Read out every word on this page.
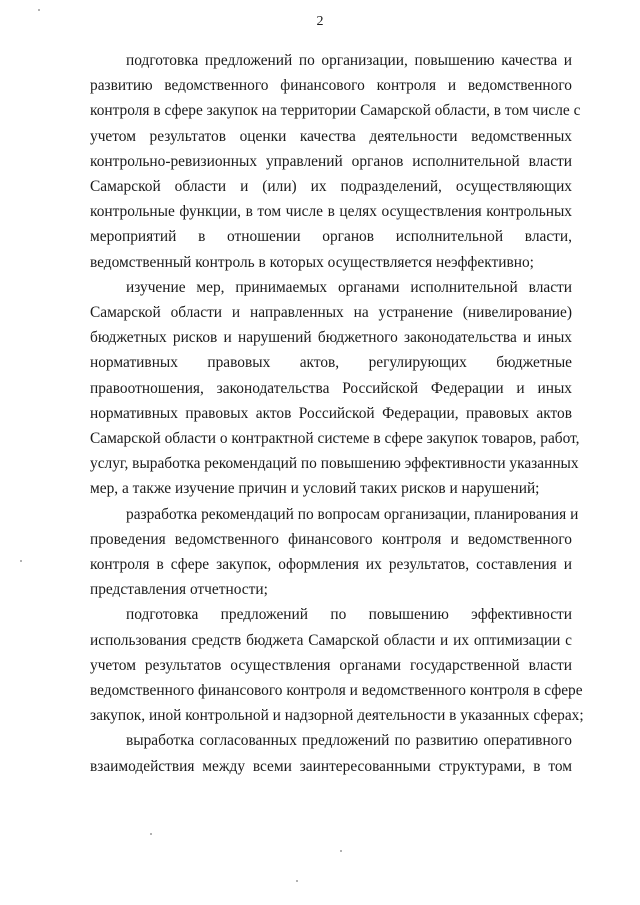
2

подготовка предложений по организации, повышению качества и
развитию ведомственного финансового контроля и ведомственного
контроля в сфере закупок на территории Самарской области, в том числе с
учетом результатов оценки качества деятельности ведомственных
контрольно-ревизионных управлений органов исполнительной власти
Самарской области и (или) их подразделений, осуществляющих
контрольные функции, в том числе в целях осуществления контрольных
мероприятий в отношении органов исполнительной власти,
ведомственный контроль в которых осуществляется неэффективно;

изучение мер, принимаемых органами исполнительной власти
Самарской области и направленных на устранение (нивелирование)
бюджетных рисков и нарушений бюджетного законодательства и иных
нормативных правовых актов, регулирующих бюджетные
правоотношения, законодательства Российской Федерации и иных
нормативных правовых актов Российской Федерации, правовых актов
Самарской области о контрактной системе в сфере закупок товаров, работ,
услуг, выработка рекомендаций по повышению эффективности указанных
мер, а также изучение причин и условий таких рисков и нарушений;

разработка рекомендаций по вопросам организации, планирования и
проведения ведомственного финансового контроля и ведомственного
контроля в сфере закупок, оформления их результатов, составления и
представления отчетности;

подготовка предложений по повышению эффективности
использования средств бюджета Самарской области и их оптимизации с
учетом результатов осуществления органами государственной власти
ведомственного финансового контроля и ведомственного контроля в сфере
закупок, иной контрольной и надзорной деятельности в указанных сферах;

выработка согласованных предложений по развитию оперативного
взаимодействия между всеми заинтересованными структурами, в том
